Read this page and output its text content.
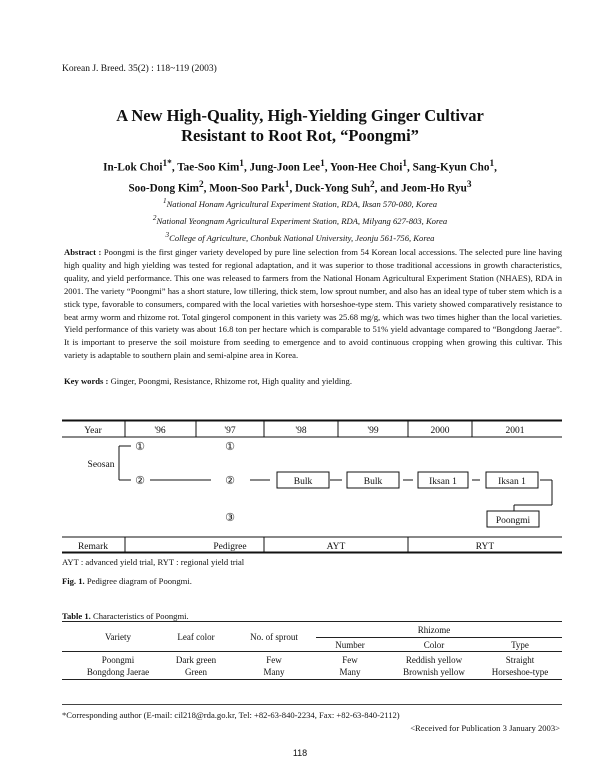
Korean J. Breed. 35(2) : 118~119 (2003)
A New High-Quality, High-Yielding Ginger Cultivar
Resistant to Root Rot, “Poongmi”
In-Lok Choi$^{1*}$, Tae-Soo Kim$^1$, Jung-Joon Lee$^1$, Yoon-Hee Choi$^1$, Sang-Kyun Cho$^1$,
Soo-Dong Kim$^2$, Moon-Soo Park$^1$, Duck-Yong Suh$^2$, and Jeom-Ho Ryu$^3$
$^1$National Honam Agricultural Experiment Station, RDA, Iksan 570-080, Korea
$^2$National Yeongnam Agricultural Experiment Station, RDA, Milyang 627-803, Korea
$^3$College of Agriculture, Chonbuk National University, Jeonju 561-756, Korea

Abstract : Poongmi is the first ginger variety developed by pure line selection from 54 Korean local accessions. The selected pure line having high quality and high yielding was tested for regional adaptation, and it was superior to those traditional accessions in growth characteristics, quality, and yield performance. This one was released to farmers from the National Honam Agricultural Experiment Station (NHAES), RDA in 2001. The variety “Poongmi” has a short stature, low tillering, thick stem, low sprout number, and also has an ideal type of tuber stem which is a stick type, favorable to consumers, compared with the local varieties with horseshoe-type stem. This variety showed comparatively resistance to beat army worm and rhizome rot. Total gingerol component in this variety was 25.68 mg/g, which was two times higher than the local varieties. Yield performance of this variety was about 16.8 ton per hectare which is comparable to 51% yield advantage compared to “Bongdong Jaerae”. It is important to preserve the soil moisture from seeding to emergence and to avoid continuous cropping when growing this cultivar. This variety is adaptable to southern plain and semi-alpine area in Korea.

Key words : Ginger, Poongmi, Resistance, Rhizome rot, High quality and yielding.

Year	'96	'97	'98	'99	2000	2001
Seosan
①
②
①
②
③
Bulk	Bulk	Iksan 1	Iksan 1
Poongmi
Remark	Pedigree	AYT	RYT
AYT : advanced yield trial, RYT : regional yield trial
Fig. 1. Pedigree diagram of Poongmi.
Table 1. Characteristics of Poongmi.
Variety	Leaf color	No. of sprout
Rhizome
Number	Color	Type
Poongmi	Dark green	Few	Few	Reddish yellow	Straight
Bongdong Jaerae	Green	Many	Many	Brownish yellow	Horseshoe-type
*Corresponding author (E-mail: cil218@rda.go.kr, Tel: +82-63-840-2234, Fax: +82-63-840-2112)
<Received for Publication 3 January 2003>
118
